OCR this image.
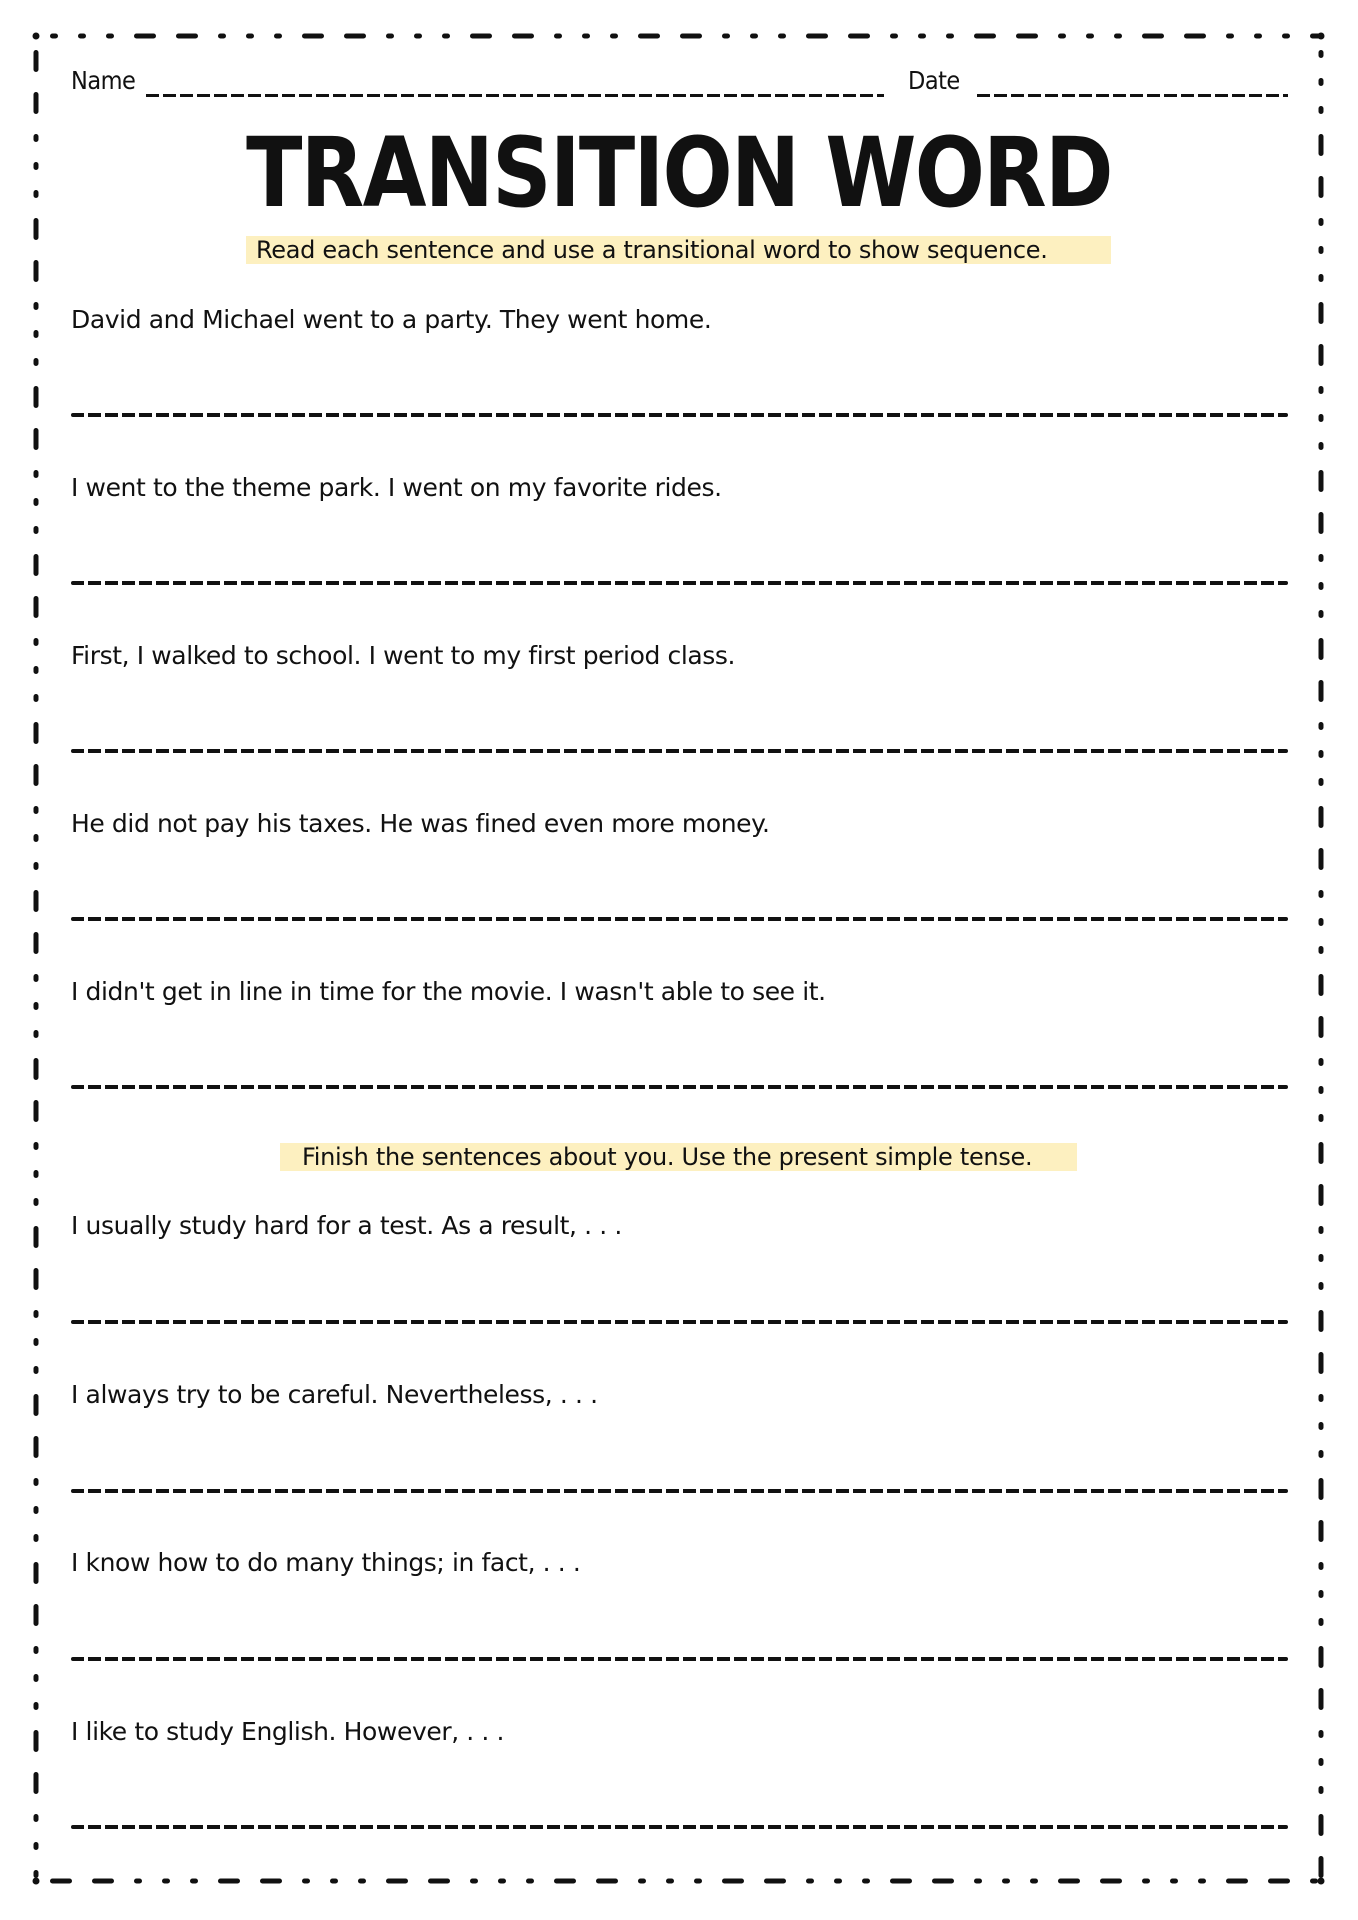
Name	Date
TRANSITION WORD
Read each sentence and use a transitional word to show sequence.
David and Michael went to a party. They went home.
I went to the theme park. I went on my favorite rides.
First, I walked to school. I went to my first period class.
He did not pay his taxes. He was fined even more money.
I didn't get in line in time for the movie. I wasn't able to see it.
Finish the sentences about you. Use the present simple tense.
I usually study hard for a test. As a result, . . .
I always try to be careful. Nevertheless, . . .
I know how to do many things; in fact, . . .
I like to study English. However, . . .
